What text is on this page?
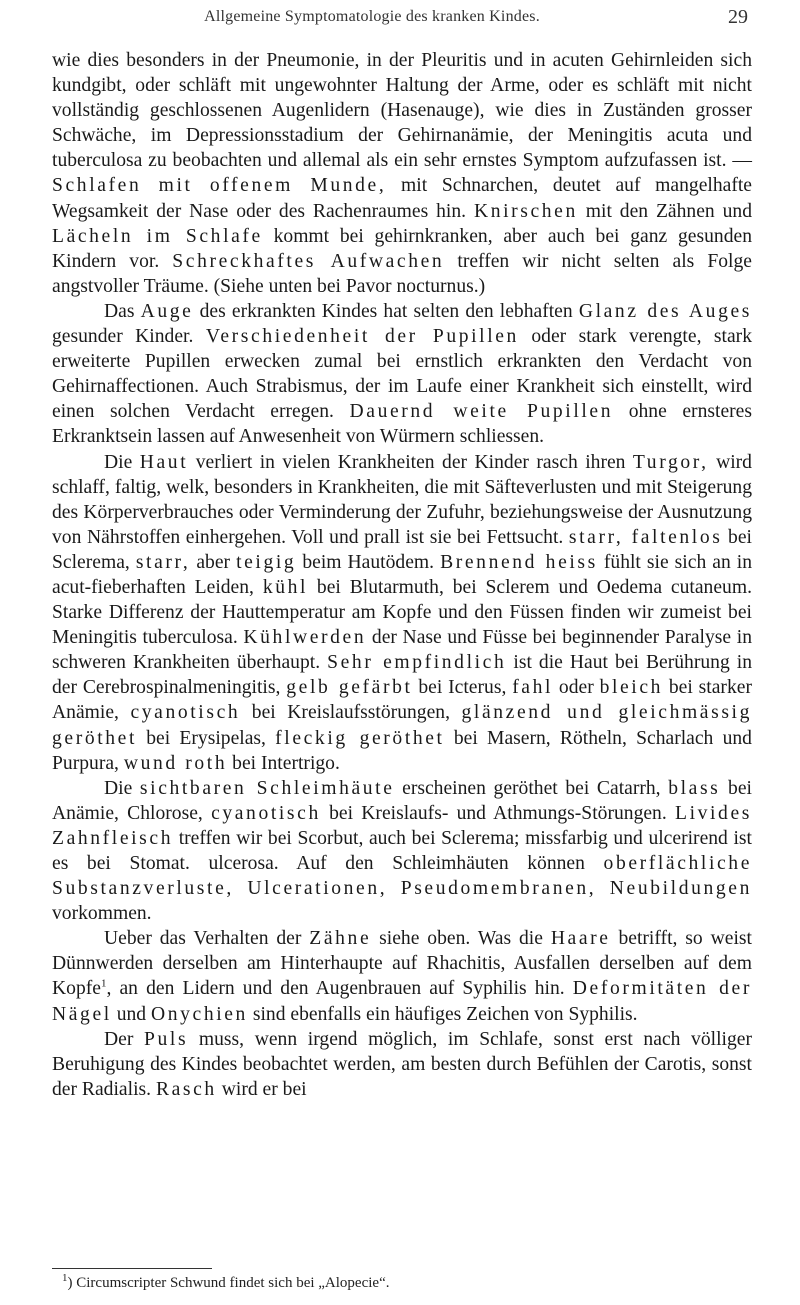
Allgemeine Symptomatologie des kranken Kindes.	29

wie dies besonders in der Pneumonie, in der Pleuritis und in acuten Gehirnleiden sich kundgibt, oder schläft mit ungewohnter Haltung der Arme, oder es schläft mit nicht vollständig geschlossenen Augenlidern (Hasenauge), wie dies in Zuständen grosser Schwäche, im Depressionsstadium der Gehirnanämie, der Meningitis acuta und tuberculosa zu beobachten und allemal als ein sehr ernstes Symptom aufzufassen ist. — Schlafen mit offenem Munde, mit Schnarchen, deutet auf mangelhafte Wegsamkeit der Nase oder des Rachenraumes hin. Knirschen mit den Zähnen und Lächeln im Schlafe kommt bei gehirnkranken, aber auch bei ganz gesunden Kindern vor. Schreckhaftes Aufwachen treffen wir nicht selten als Folge angstvoller Träume. (Siehe unten bei Pavor nocturnus.)

Das Auge des erkrankten Kindes hat selten den lebhaften Glanz des Auges gesunder Kinder. Verschiedenheit der Pupillen oder stark verengte, stark erweiterte Pupillen erwecken zumal bei ernstlich erkrankten den Verdacht von Gehirnaffectionen. Auch Strabismus, der im Laufe einer Krankheit sich einstellt, wird einen solchen Verdacht erregen. Dauernd weite Pupillen ohne ernsteres Erkranktsein lassen auf Anwesenheit von Würmern schliessen.

Die Haut verliert in vielen Krankheiten der Kinder rasch ihren Turgor, wird schlaff, faltig, welk, besonders in Krankheiten, die mit Säfteverlusten und mit Steigerung des Körperverbrauches oder Verminderung der Zufuhr, beziehungsweise der Ausnutzung von Nährstoffen einhergehen. Voll und prall ist sie bei Fettsucht. starr, faltenlos bei Sclerema, starr, aber teigig beim Hautödem. Brennend heiss fühlt sie sich an in acut-fieberhaften Leiden, kühl bei Blutarmuth, bei Sclerem und Oedema cutaneum. Starke Differenz der Hauttemperatur am Kopfe und den Füssen finden wir zumeist bei Meningitis tuberculosa. Kühlwerden der Nase und Füsse bei beginnender Paralyse in schweren Krankheiten überhaupt. Sehr empfindlich ist die Haut bei Berührung in der Cerebrospinalmeningitis, gelb gefärbt bei Icterus, fahl oder bleich bei starker Anämie, cyanotisch bei Kreislaufsstörungen, glänzend und gleichmässig geröthet bei Erysipelas, fleckig geröthet bei Masern, Rötheln, Scharlach und Purpura, wund roth bei Intertrigo.

Die sichtbaren Schleimhäute erscheinen geröthet bei Catarrh, blass bei Anämie, Chlorose, cyanotisch bei Kreislaufs- und Athmungs-Störungen. Livides Zahnfleisch treffen wir bei Scorbut, auch bei Sclerema; missfarbig und ulcerirend ist es bei Stomat. ulcerosa. Auf den Schleimhäuten können oberflächliche Substanzverluste, Ulcerationen, Pseudomembranen, Neubildungen vorkommen.

Ueber das Verhalten der Zähne siehe oben. Was die Haare betrifft, so weist Dünnwerden derselben am Hinterhaupte auf Rhachitis, Ausfallen derselben auf dem Kopfe$^1$, an den Lidern und den Augenbrauen auf Syphilis hin. Deformitäten der Nägel und Onychien sind ebenfalls ein häufiges Zeichen von Syphilis.

Der Puls muss, wenn irgend möglich, im Schlafe, sonst erst nach völliger Beruhigung des Kindes beobachtet werden, am besten durch Befühlen der Carotis, sonst der Radialis. Rasch wird er bei

$^1$) Circumscripter Schwund findet sich bei „Alopecie“.
